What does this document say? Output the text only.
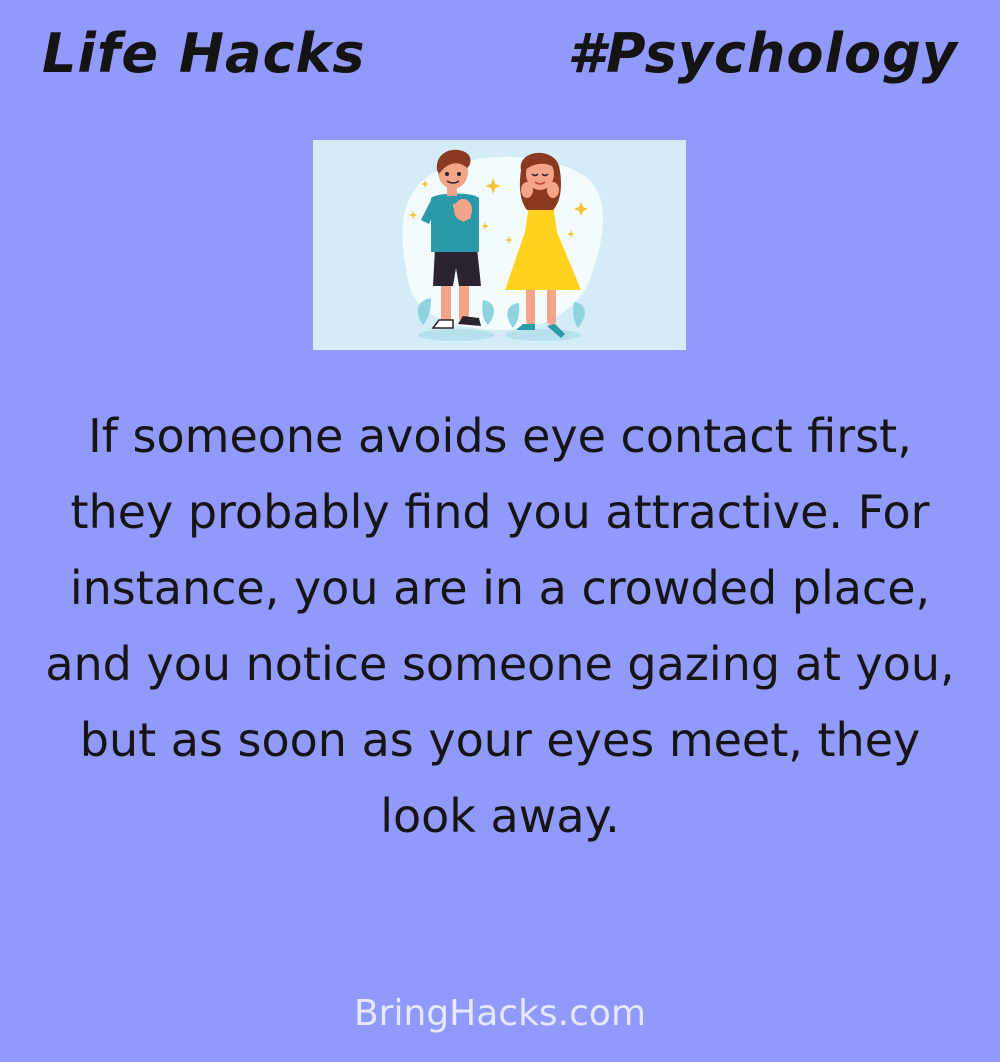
Life Hacks	#Psychology

If someone avoids eye contact first, they probably find you attractive. For instance, you are in a crowded place, and you notice someone gazing at you, but as soon as your eyes meet, they look away.

BringHacks.com
